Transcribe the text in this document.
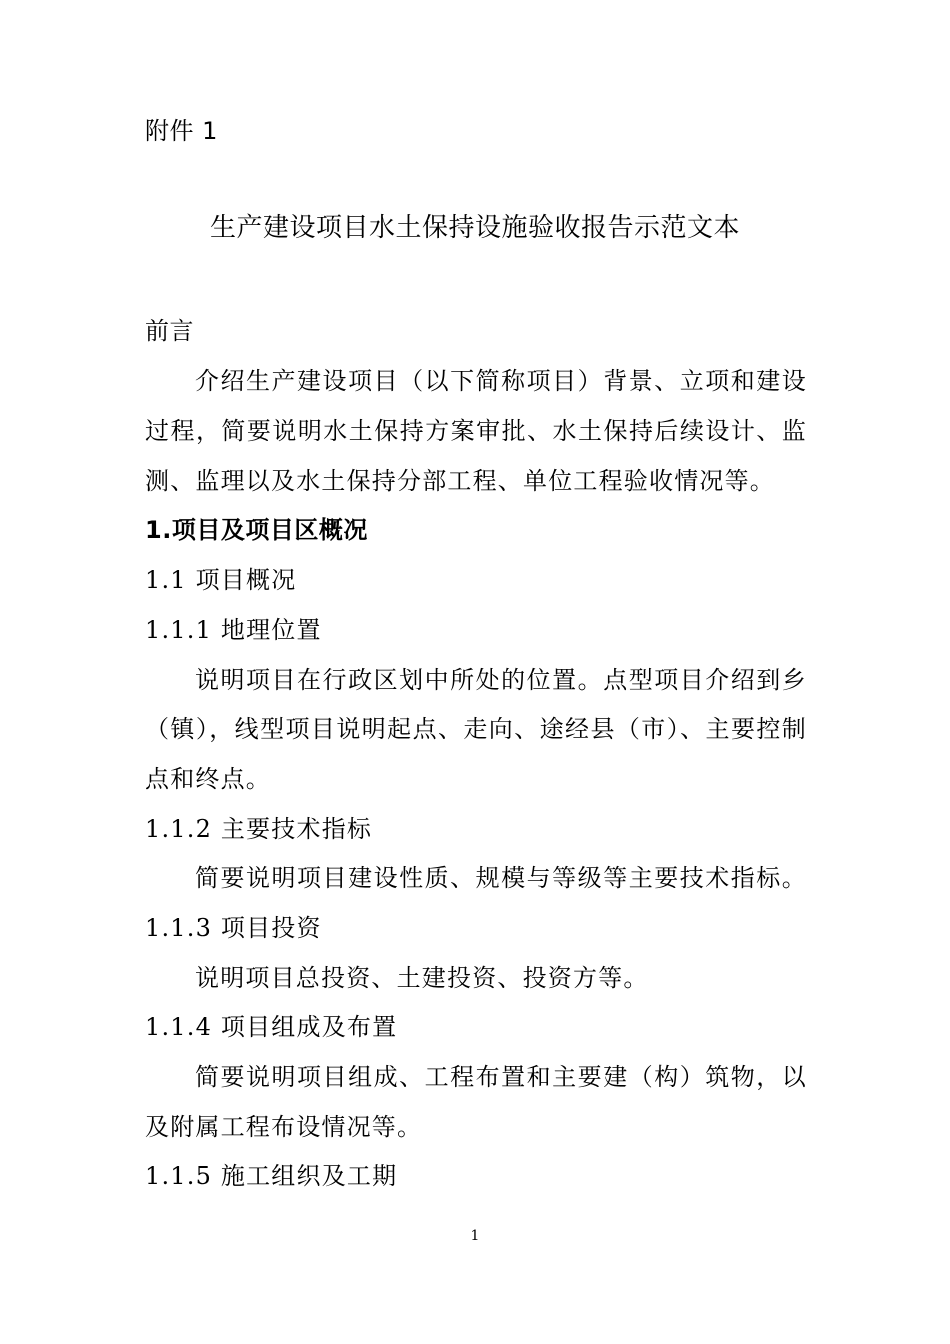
附件 1
生产建设项目水土保持设施验收报告示范文本
前言
介绍生产建设项目（以下简称项目）背景、立项和建设
过程，简要说明水土保持方案审批、水土保持后续设计、监
测、监理以及水土保持分部工程、单位工程验收情况等。
1.项目及项目区概况
1.1 项目概况
1.1.1 地理位置
说明项目在行政区划中所处的位置。点型项目介绍到乡
（镇），线型项目说明起点、走向、途经县（市）、主要控制
点和终点。
1.1.2 主要技术指标
简要说明项目建设性质、规模与等级等主要技术指标。
1.1.3 项目投资
说明项目总投资、土建投资、投资方等。
1.1.4 项目组成及布置
简要说明项目组成、工程布置和主要建（构）筑物，以
及附属工程布设情况等。
1.1.5 施工组织及工期
1
